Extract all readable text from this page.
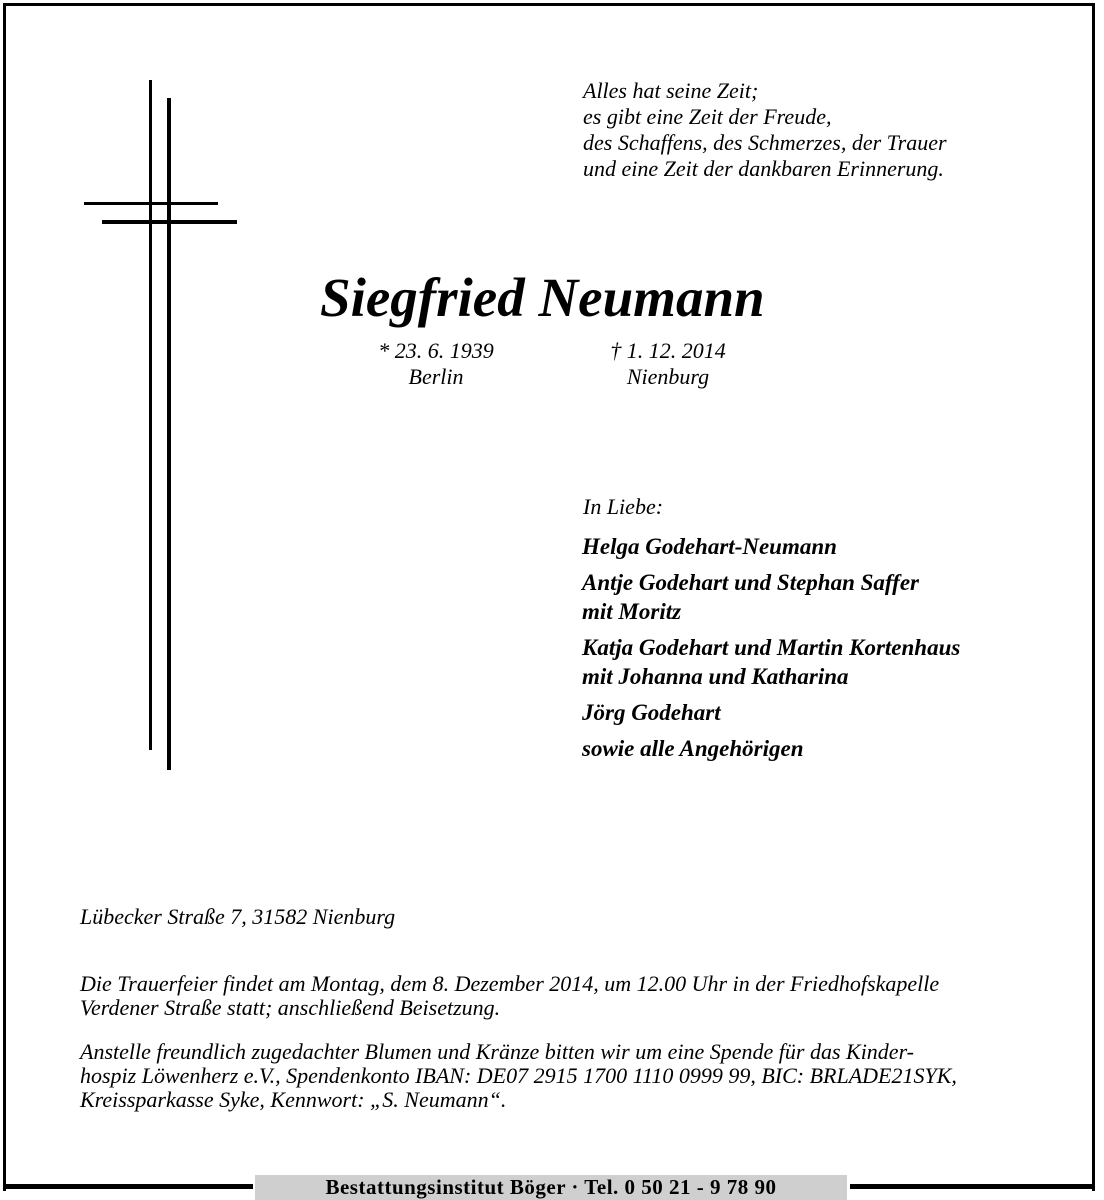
Alles hat seine Zeit;
es gibt eine Zeit der Freude,
des Schaffens, des Schmerzes, der Trauer
und eine Zeit der dankbaren Erinnerung.
Siegfried Neumann
* 23. 6. 1939
Berlin
† 1. 12. 2014
Nienburg
In Liebe:
Helga Godehart-Neumann
Antje Godehart und Stephan Saffer
mit Moritz
Katja Godehart und Martin Kortenhaus
mit Johanna und Katharina
Jörg Godehart
sowie alle Angehörigen
Lübecker Straße 7, 31582 Nienburg
Die Trauerfeier findet am Montag, dem 8. Dezember 2014, um 12.00 Uhr in der Friedhofskapelle
Verdener Straße statt; anschließend Beisetzung.
Anstelle freundlich zugedachter Blumen und Kränze bitten wir um eine Spende für das Kinder-
hospiz Löwenherz e.V., Spendenkonto IBAN: DE07 2915 1700 1110 0999 99, BIC: BRLADE21SYK,
Kreissparkasse Syke, Kennwort: „S. Neumann“.
Bestattungsinstitut Böger · Tel. 0 50 21 - 9 78 90
